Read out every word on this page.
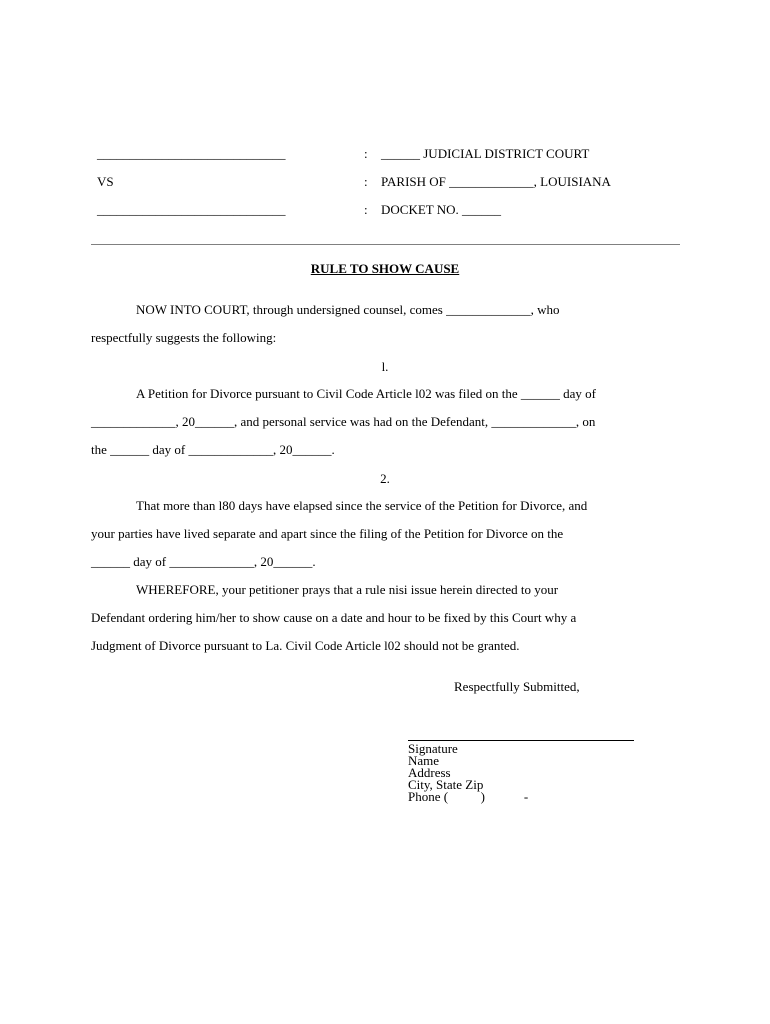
_____________________________	: ______ JUDICIAL DISTRICT COURT
VS	: PARISH OF _____________, LOUISIANA
_____________________________	: DOCKET NO. ______
RULE TO SHOW CAUSE
NOW INTO COURT, through undersigned counsel, comes _____________, who
respectfully suggests the following:
l.
A Petition for Divorce pursuant to Civil Code Article l02 was filed on the ______ day of
_____________, 20______, and personal service was had on the Defendant, _____________, on
the ______ day of _____________, 20______.
2.
That more than l80 days have elapsed since the service of the Petition for Divorce, and
your parties have lived separate and apart since the filing of the Petition for Divorce on the
______ day of _____________, 20______.
WHEREFORE, your petitioner prays that a rule nisi issue herein directed to your
Defendant ordering him/her to show cause on a date and hour to be fixed by this Court why a
Judgment of Divorce pursuant to La. Civil Code Article l02 should not be granted.
Respectfully Submitted,
Signature
Name
Address
City, State Zip
Phone (          )            -
